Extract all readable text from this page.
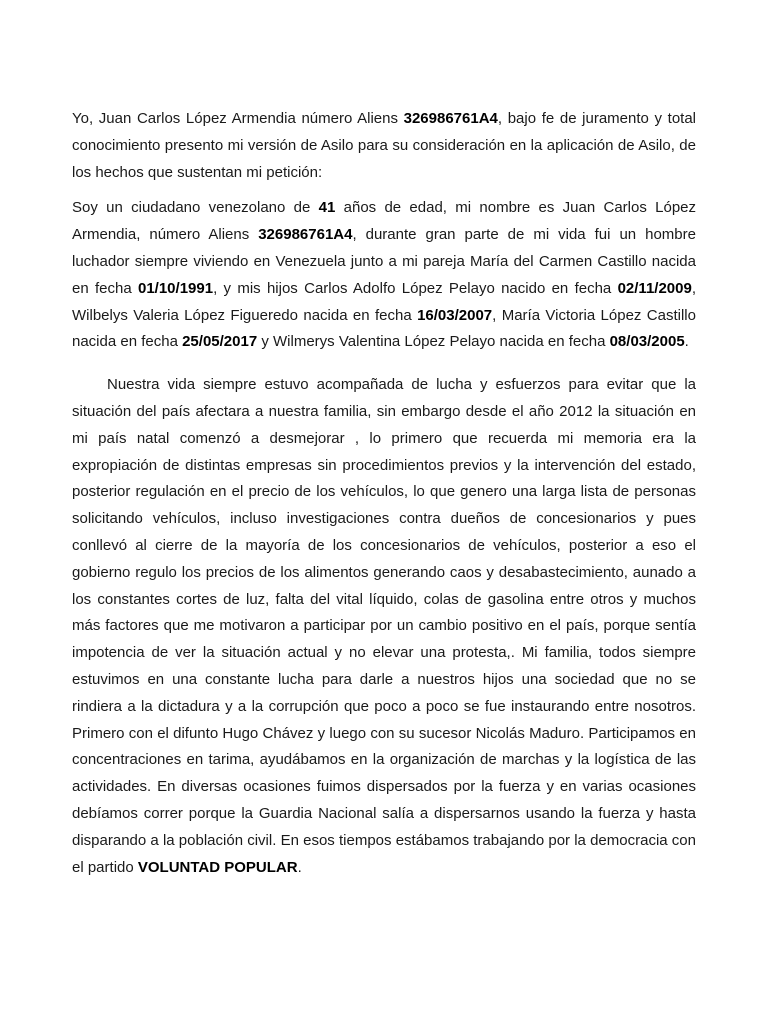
Yo, Juan Carlos López Armendia número Aliens 326986761A4, bajo fe de juramento y total conocimiento presento mi versión de Asilo para su consideración en la aplicación de Asilo, de los hechos que sustentan mi petición:

Soy un ciudadano venezolano de 41 años de edad, mi nombre es Juan Carlos López Armendia, número Aliens 326986761A4, durante gran parte de mi vida fui un hombre luchador siempre viviendo en Venezuela junto a mi pareja María del Carmen Castillo nacida en fecha 01/10/1991, y mis hijos Carlos Adolfo López Pelayo nacido en fecha 02/11/2009, Wilbelys Valeria López Figueredo nacida en fecha 16/03/2007, María Victoria López Castillo nacida en fecha 25/05/2017 y Wilmerys Valentina López Pelayo nacida en fecha 08/03/2005.

Nuestra vida siempre estuvo acompañada de lucha y esfuerzos para evitar que la situación del país afectara a nuestra familia, sin embargo desde el año 2012 la situación en mi país natal comenzó a desmejorar , lo primero que recuerda mi memoria era la expropiación de distintas empresas sin procedimientos previos y la intervención del estado, posterior regulación en el precio de los vehículos, lo que genero una larga lista de personas solicitando vehículos, incluso investigaciones contra dueños de concesionarios y pues conllevó al cierre de la mayoría de los concesionarios de vehículos, posterior a eso el gobierno regulo los precios de los alimentos generando caos y desabastecimiento, aunado a los constantes cortes de luz, falta del vital líquido, colas de gasolina entre otros y muchos más factores que me motivaron a participar por un cambio positivo en el país, porque sentía impotencia de ver la situación actual y no elevar una protesta,. Mi familia, todos siempre estuvimos en una constante lucha para darle a nuestros hijos una sociedad que no se rindiera a la dictadura y a la corrupción que poco a poco se fue instaurando entre nosotros. Primero con el difunto Hugo Chávez y luego con su sucesor Nicolás Maduro. Participamos en concentraciones en tarima, ayudábamos en la organización de marchas y la logística de las actividades. En diversas ocasiones fuimos dispersados por la fuerza y en varias ocasiones debíamos correr porque la Guardia Nacional salía a dispersarnos usando la fuerza y hasta disparando a la población civil. En esos tiempos estábamos trabajando por la democracia con el partido VOLUNTAD POPULAR.
